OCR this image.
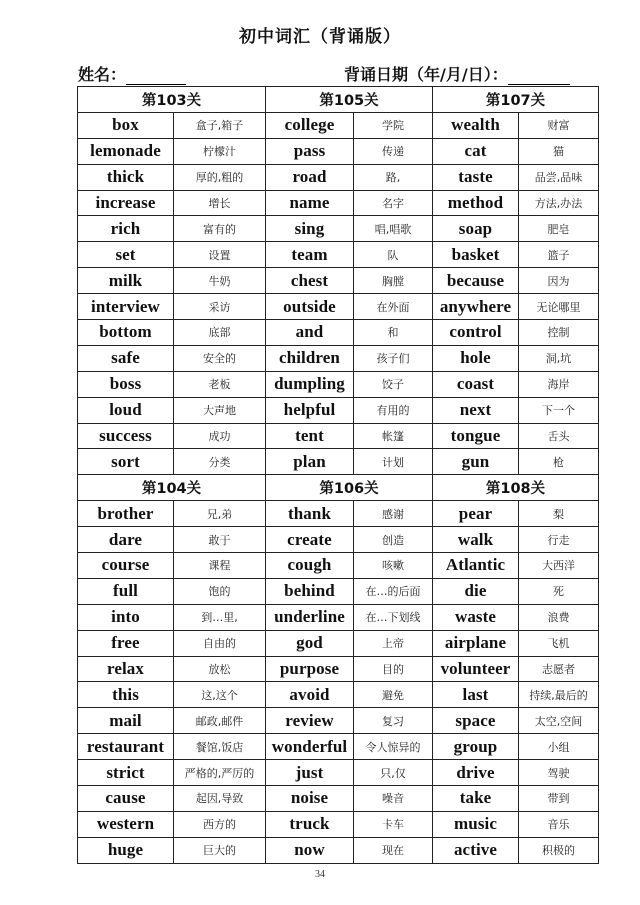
初中词汇（背诵版）
姓名：	背诵日期（年/月/日）：
第103关		第105关		第107关	
box	盒子,箱子	college	学院	wealth	财富
lemonade	柠檬汁	pass	传递	cat	猫
thick	厚的,粗的	road	路,	taste	品尝,品味
increase	增长	name	名字	method	方法,办法
rich	富有的	sing	唱,唱歌	soap	肥皂
set	设置	team	队	basket	篮子
milk	牛奶	chest	胸膛	because	因为
interview	采访	outside	在外面	anywhere	无论哪里
bottom	底部	and	和	control	控制
safe	安全的	children	孩子们	hole	洞,坑
boss	老板	dumpling	饺子	coast	海岸
loud	大声地	helpful	有用的	next	下一个
success	成功	tent	帐篷	tongue	舌头
sort	分类	plan	计划	gun	枪
第104关		第106关		第108关	
brother	兄,弟	thank	感谢	pear	梨
dare	敢于	create	创造	walk	行走
course	课程	cough	咳嗽	Atlantic	大西洋
full	饱的	behind	在…的后面	die	死
into	到…里,	underline	在…下划线	waste	浪费
free	自由的	god	上帝	airplane	飞机
relax	放松	purpose	目的	volunteer	志愿者
this	这,这个	avoid	避免	last	持续,最后的
mail	邮政,邮件	review	复习	space	太空,空间
restaurant	餐馆,饭店	wonderful	令人惊异的	group	小组
strict	严格的,严厉的	just	只,仅	drive	驾驶
cause	起因,导致	noise	噪音	take	带到
western	西方的	truck	卡车	music	音乐
huge	巨大的	now	现在	active	积极的
34
